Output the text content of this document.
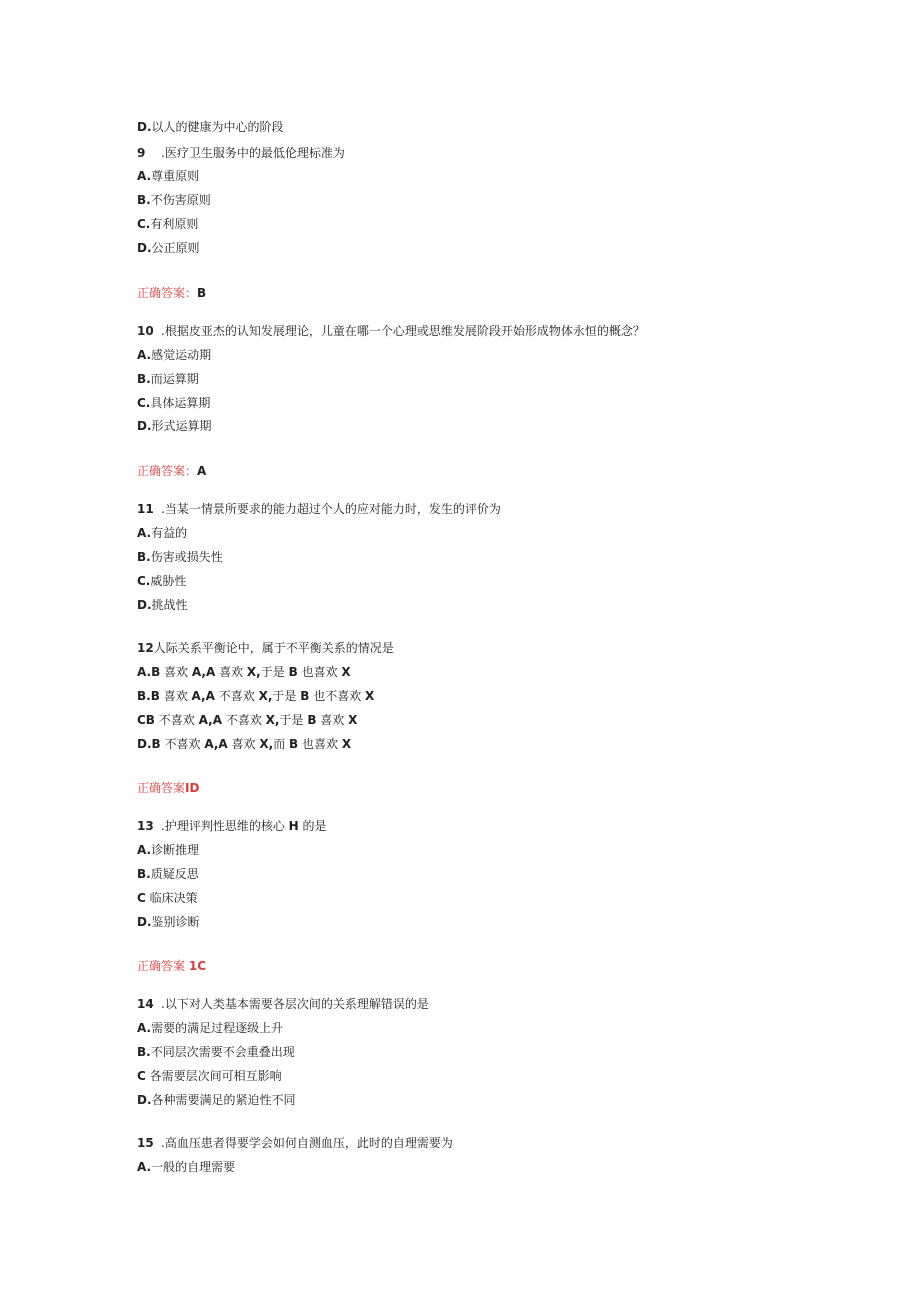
D.以人的健康为中心的阶段
9 .医疗卫生服务中的最低伦理标准为
A.尊重原则
B.不伤害原则
C.有利原则
D.公正原则
正确答案：B
10 .根据皮亚杰的认知发展理论，儿童在哪一个心理或思维发展阶段开始形成物体永恒的概念？
A.感觉运动期
B.而运算期
C.具体运算期
D.形式运算期
正确答案：A
11 .当某一情景所要求的能力超过个人的应对能力时，发生的评价为
A.有益的
B.伤害或损失性
C.威胁性
D.挑战性
12人际关系平衡论中，属于不平衡关系的情况是
A.B 喜欢 A,A 喜欢 X,于是 B 也喜欢 X
B.B 喜欢 A,A 不喜欢 X,于是 B 也不喜欢 X
CB 不喜欢 A,A 不喜欢 X,于是 B 喜欢 X
D.B 不喜欢 A,A 喜欢 X,而 B 也喜欢 X
正确答案ID
13 .护理评判性思维的核心 H 的是
A.诊断推理
B.质疑反思
C 临床决策
D.鉴别诊断
正确答案 1C
14 .以下对人类基本需要各层次间的关系理解错误的是
A.需要的满足过程逐级上升
B.不同层次需要不会重叠出现
C 各需要层次间可相互影响
D.各种需要满足的紧迫性不同
15 .高血压患者得要学会如何自测血压，此时的自理需要为
A.一般的自理需要
